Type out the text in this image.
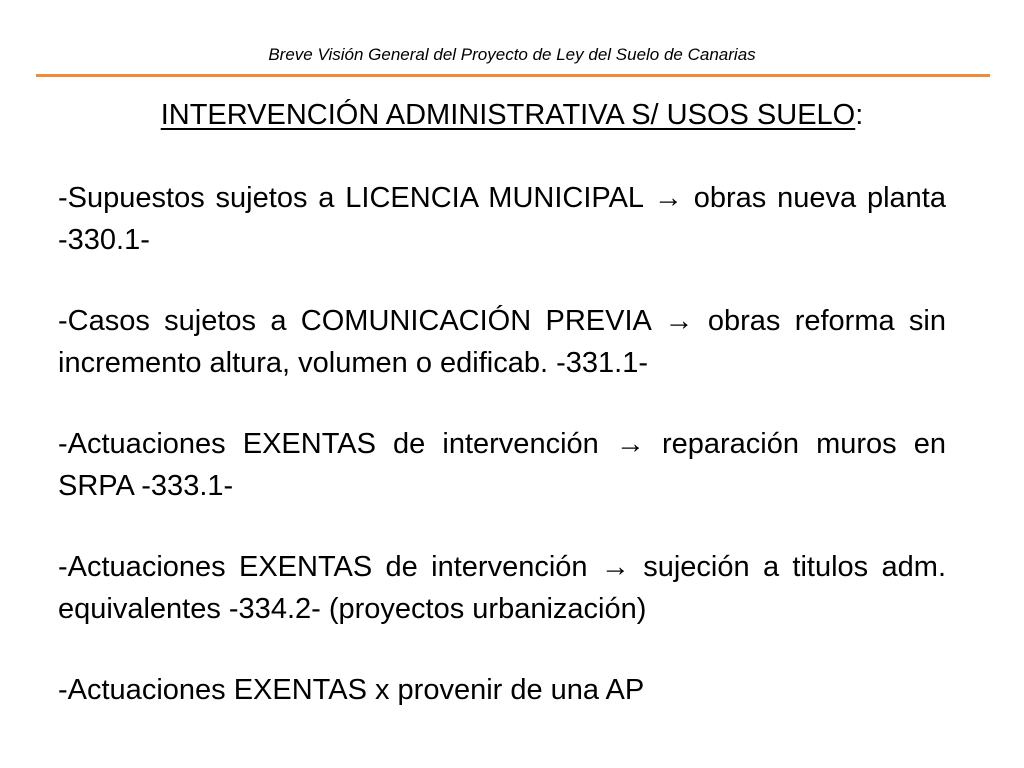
Breve Visión General del Proyecto de Ley del Suelo de Canarias
INTERVENCIÓN ADMINISTRATIVA S/ USOS SUELO:
-Supuestos sujetos a LICENCIA MUNICIPAL → obras nueva planta -330.1-
-Casos sujetos a COMUNICACIÓN PREVIA → obras reforma sin incremento altura, volumen o edificab. -331.1-
-Actuaciones EXENTAS de intervención → reparación muros en SRPA -333.1-
-Actuaciones EXENTAS de intervención → sujeción a titulos adm. equivalentes -334.2- (proyectos urbanización)
-Actuaciones EXENTAS x provenir de una AP
